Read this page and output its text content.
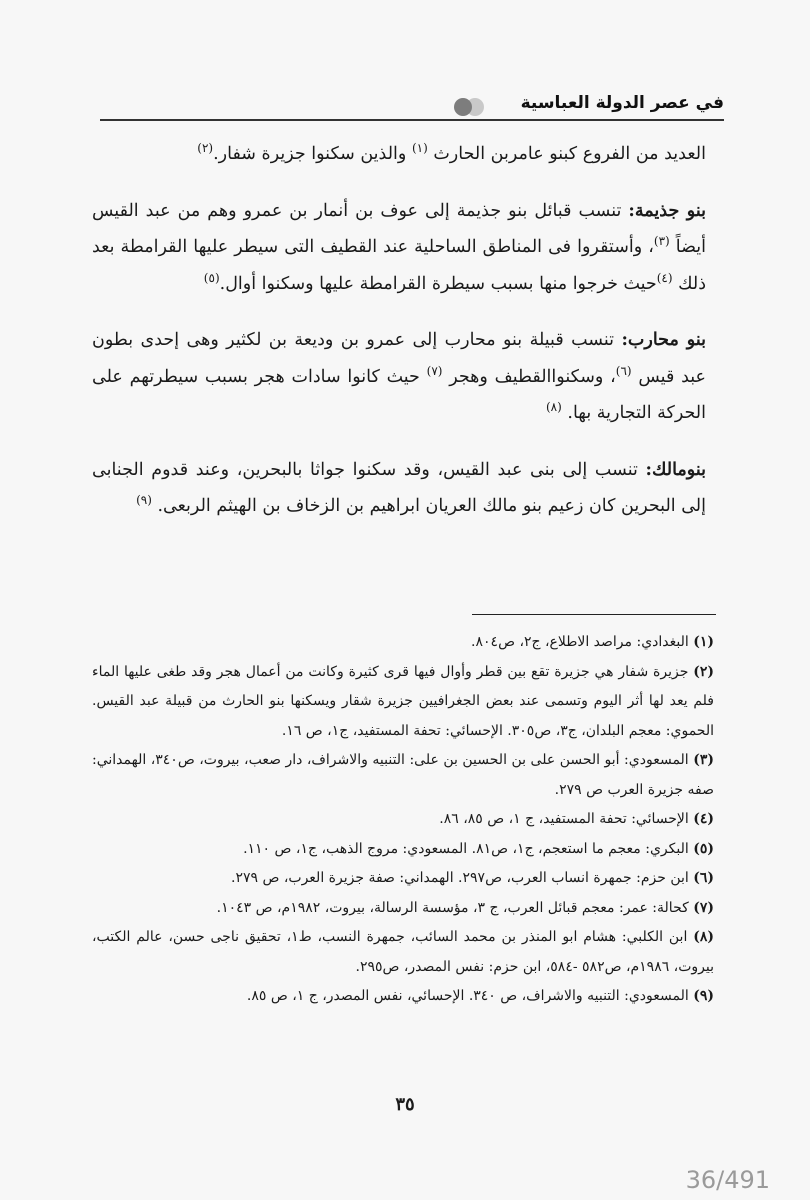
في عصر الدولة العباسية

العديد من الفروع كبنو عامربن الحارث $^{(١)}$ والذين سكنوا جزيرة شفار.$^{(٢)}$

بنو جذيمة: تنسب قبائل بنو جذيمة إلى عوف بن أنمار بن عمرو وهم من عبد القيس أيضاً $^{(٣)}$، وأستقروا فى المناطق الساحلية عند القطيف التى سيطر عليها القرامطة بعد ذلك $^{(٤)}$حيث خرجوا منها بسبب سيطرة القرامطة عليها وسكنوا أوال.$^{(٥)}$

بنو محارب: تنسب قبيلة بنو محارب إلى عمرو بن وديعة بن لكثير وهى إحدى بطون عبد قيس $^{(٦)}$، وسكنواالقطيف وهجر $^{(٧)}$ حيث كانوا سادات هجر بسبب سيطرتهم على الحركة التجارية بها. $^{(٨)}$

بنومالك: تنسب إلى بنى عبد القيس، وقد سكنوا جواثا بالبحرين، وعند قدوم الجنابى إلى البحرين كان زعيم بنو مالك العريان ابراهيم بن الزخاف بن الهيثم الربعى. $^{(٩)}$

(١) البغدادي: مراصد الاطلاع، ج٢، ص٨٠٤.

(٢) جزيرة شفار هي جزيرة تقع بين قطر وأوال فيها قرى كثيرة وكانت من أعمال هجر وقد طغى عليها الماء فلم يعد لها أثر اليوم وتسمى عند بعض الجغرافيين جزيرة شقار ويسكنها بنو الحارث من قبيلة عبد القيس. الحموي: معجم البلدان، ج٣، ص٣٠٥. الإحسائي: تحفة المستفيد، ج١، ص ١٦.

(٣) المسعودي: أبو الحسن على بن الحسين بن على: التنبيه والاشراف، دار صعب، بيروت، ص٣٤٠، الهمداني: صفه جزيرة العرب ص ٢٧٩.

(٤) الإحسائي: تحفة المستفيد، ج ١، ص ٨٥، ٨٦.

(٥) البكري: معجم ما استعجم، ج١، ص٨١. المسعودي: مروج الذهب، ج١، ص ١١٠.

(٦) ابن حزم: جمهرة انساب العرب، ص٢٩٧. الهمداني: صفة جزيرة العرب، ص ٢٧٩.

(٧) كحالة: عمر: معجم قبائل العرب، ج ٣، مؤسسة الرسالة، بيروت، ١٩٨٢م، ص ١٠٤٣.

(٨) ابن الكلبي: هشام ابو المنذر بن محمد السائب، جمهرة النسب، ط١، تحقيق ناجى حسن، عالم الكتب، بيروت، ١٩٨٦م، ص٥٨٢ -٥٨٤، ابن حزم: نفس المصدر، ص٢٩٥.

(٩) المسعودي: التنبيه والاشراف، ص ٣٤٠. الإحسائي، نفس المصدر، ج ١، ص ٨٥.

٣٥
36/491
